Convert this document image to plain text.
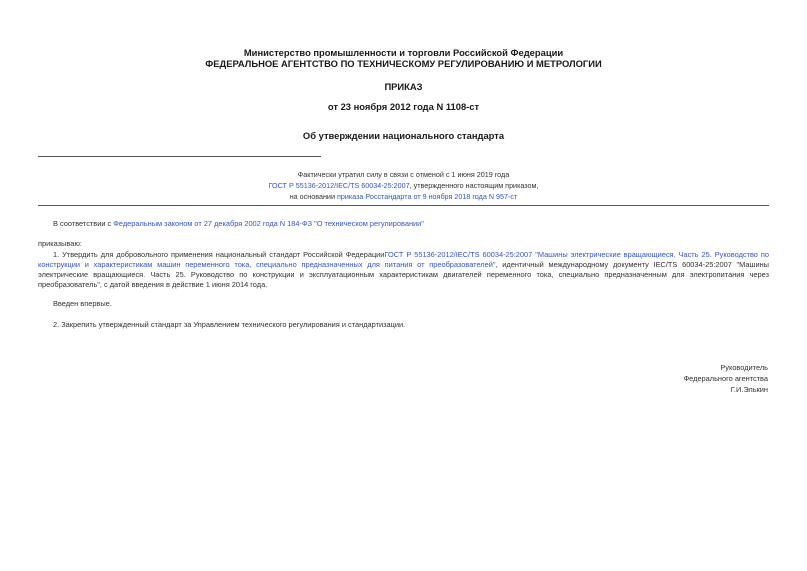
Министерство промышленности и торговли Российской Федерации
ФЕДЕРАЛЬНОЕ АГЕНТСТВО ПО ТЕХНИЧЕСКОМУ РЕГУЛИРОВАНИЮ И МЕТРОЛОГИИ
ПРИКАЗ
от 23 ноября 2012 года N 1108-ст
Об утверждении национального стандарта
Фактически утратил силу в связи с отменой с 1 июня 2019 года
ГОСТ Р 55136-2012/IEC/TS 60034-25:2007, утвержденного настоящим приказом,
на основании приказа Росстандарта от 9 ноября 2018 года N 957-ст
В соответствии с Федеральным законом от 27 декабря 2002 года N 184-ФЗ "О техническом регулировании"
приказываю:
1. Утвердить для добровольного применения национальный стандарт Российской ФедерацииГОСТ Р 55136-2012/IEC/TS 60034-25:2007 "Машины электрические вращающиеся. Часть 25. Руководство по конструкции и характеристикам машин переменного тока, специально предназначенных для питания от преобразователей", идентичный международному документу IEC/TS 60034-25:2007 "Машины электрические вращающиеся. Часть 25. Руководство по конструкции и эксплуатационным характеристикам двигателей переменного тока, специально предназначенным для электропитания через преобразователь", с датой введения в действие 1 июня 2014 года.
Введен впервые.
2. Закрепить утвержденный стандарт за Управлением технического регулирования и стандартизации.
Руководитель
Федерального агентства
Г.И.Элькин
